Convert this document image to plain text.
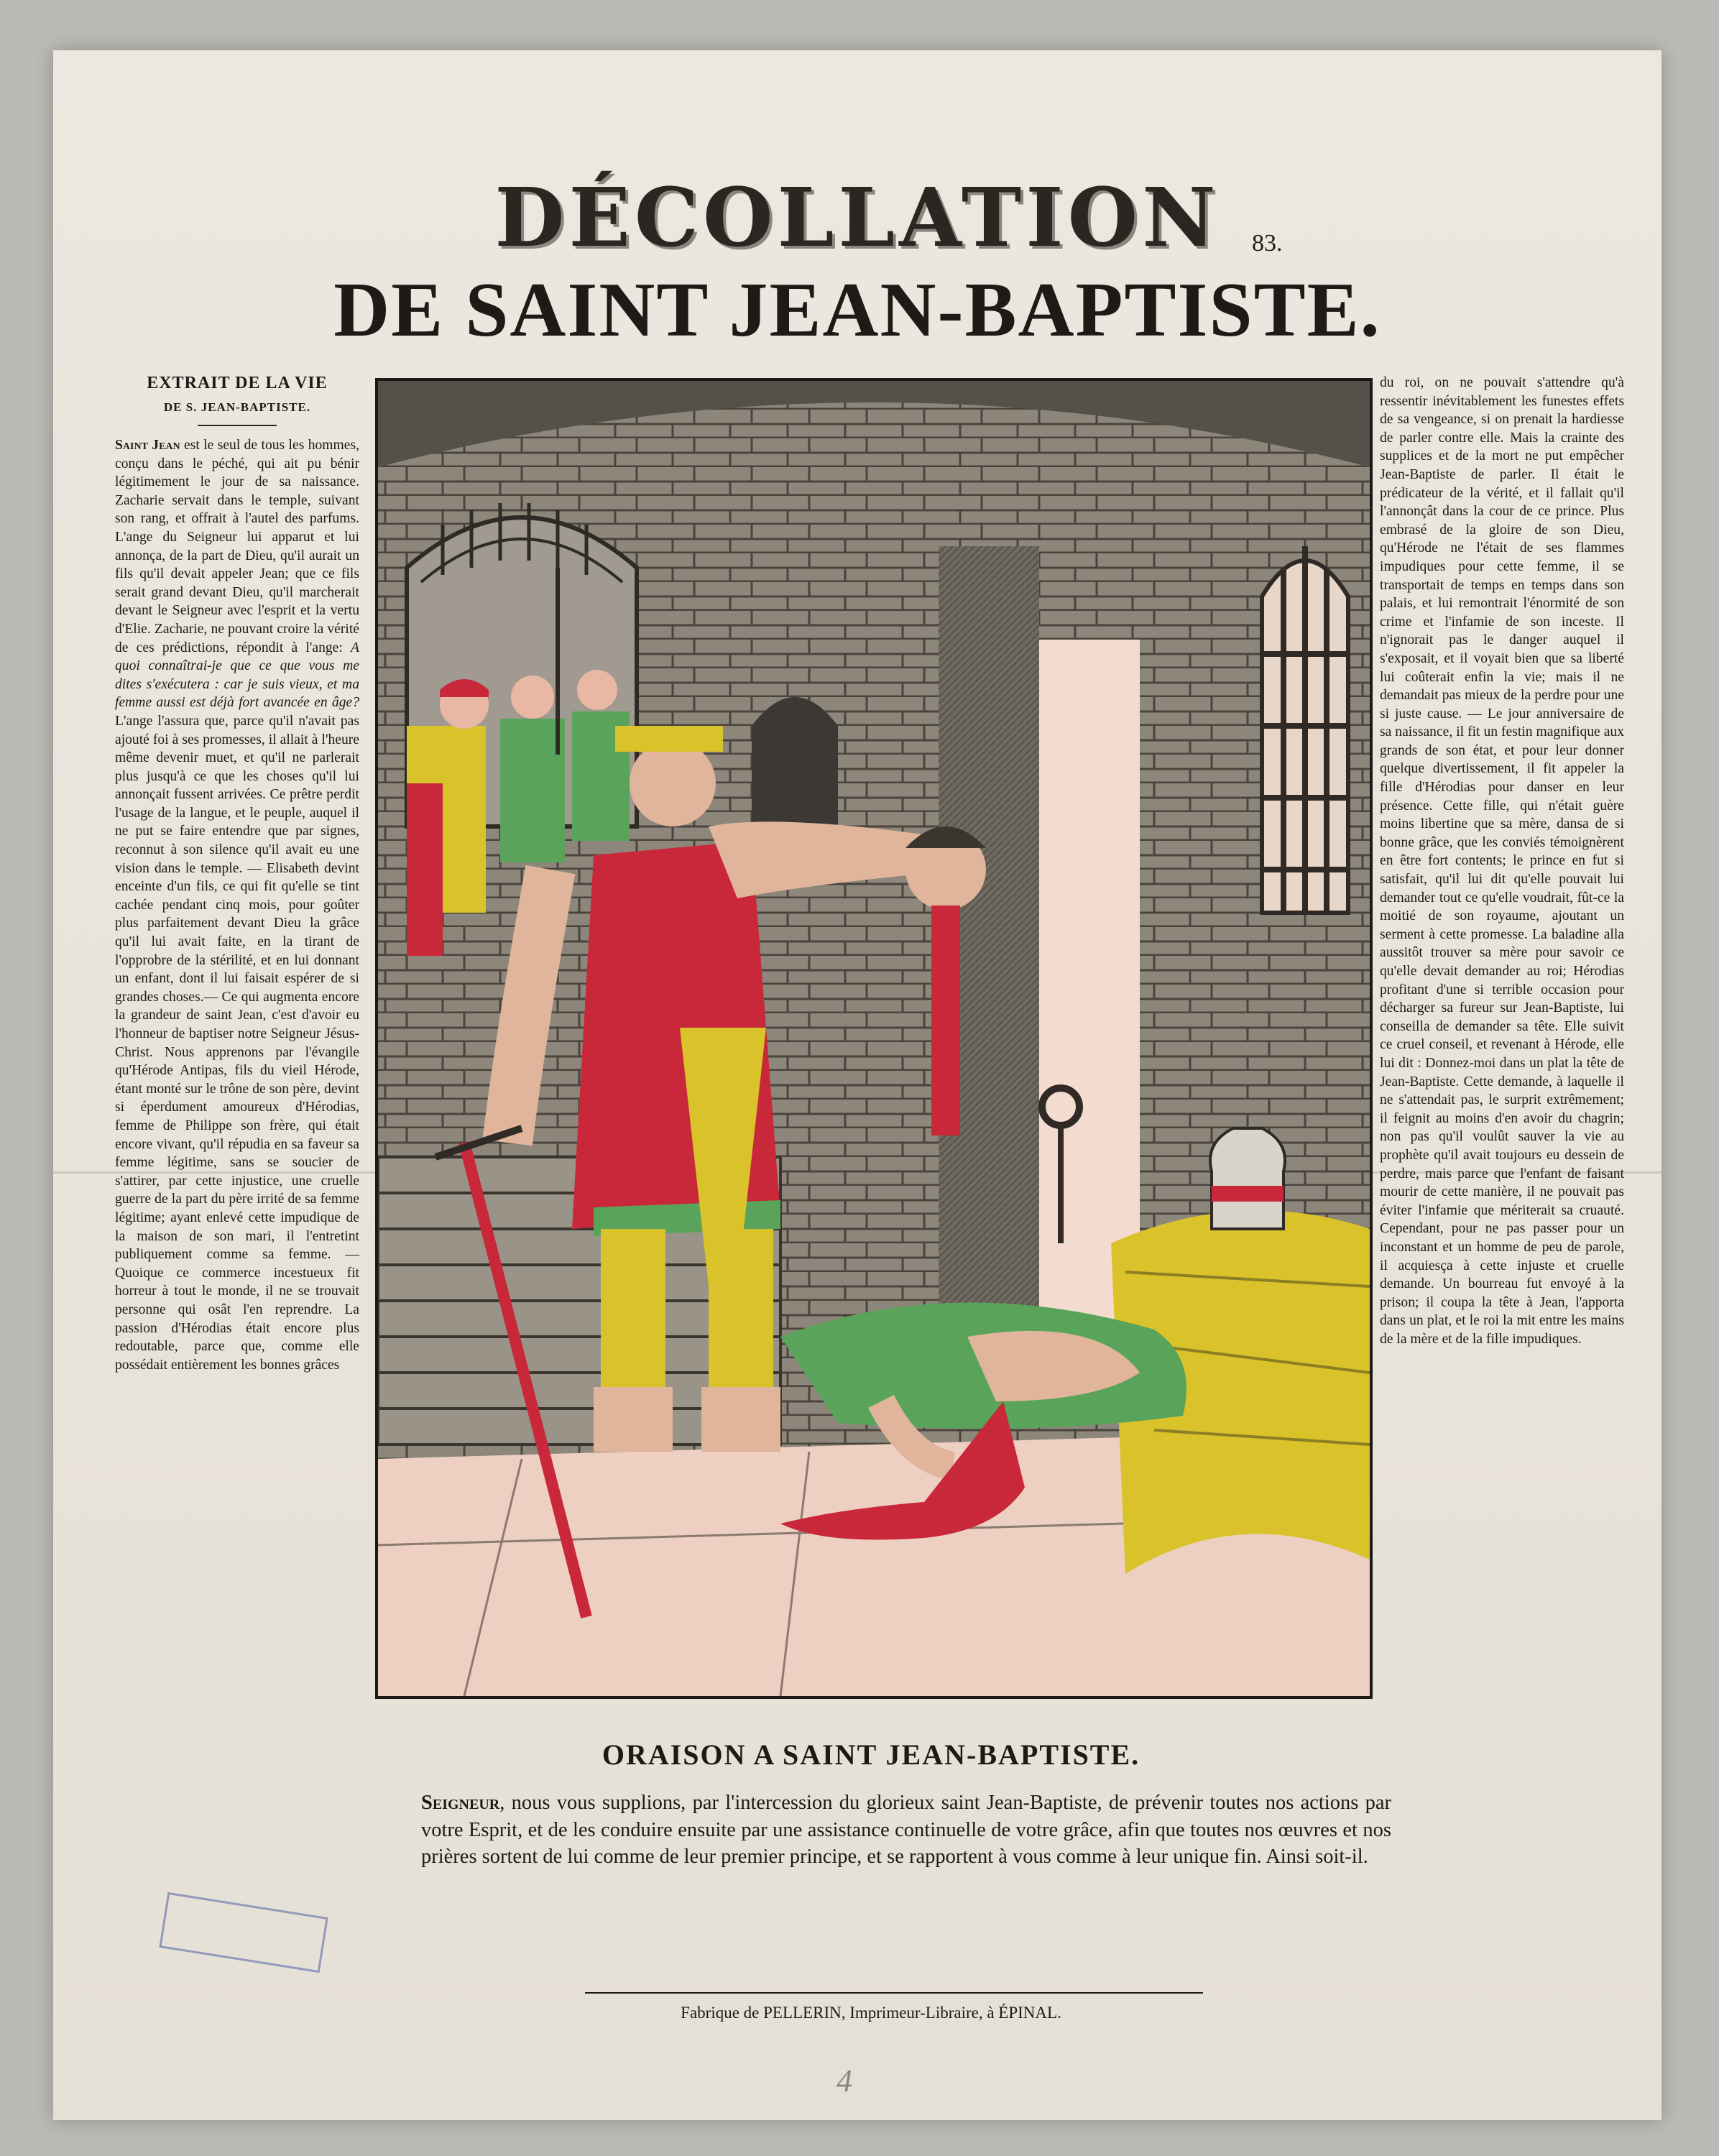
DÉCOLLATION	83.
DE SAINT JEAN-BAPTISTE.
EXTRAIT DE LA VIE
DE S. JEAN-BAPTISTE.
Saint Jean est le seul de tous les hommes, conçu dans le péché, qui ait pu bénir légitimement le jour de sa naissance. Zacharie servait dans le temple, suivant son rang, et offrait à l'autel des parfums. L'ange du Seigneur lui apparut et lui annonça, de la part de Dieu, qu'il aurait un fils qu'il devait appeler Jean; que ce fils serait grand devant Dieu, qu'il marcherait devant le Seigneur avec l'esprit et la vertu d'Elie. Zacharie, ne pouvant croire la vérité de ces prédictions, répondit à l'ange: A quoi connaîtrai-je que ce que vous me dites s'exécutera : car je suis vieux, et ma femme aussi est déjà fort avancée en âge? L'ange l'assura que, parce qu'il n'avait pas ajouté foi à ses promesses, il allait à l'heure même devenir muet, et qu'il ne parlerait plus jusqu'à ce que les choses qu'il lui annonçait fussent arrivées. Ce prêtre perdit l'usage de la langue, et le peuple, auquel il ne put se faire entendre que par signes, reconnut à son silence qu'il avait eu une vision dans le temple. — Elisabeth devint enceinte d'un fils, ce qui fit qu'elle se tint cachée pendant cinq mois, pour goûter plus parfaitement devant Dieu la grâce qu'il lui avait faite, en la tirant de l'opprobre de la stérilité, et en lui donnant un enfant, dont il lui faisait espérer de si grandes choses.— Ce qui augmenta encore la grandeur de saint Jean, c'est d'avoir eu l'honneur de baptiser notre Seigneur Jésus-Christ. Nous apprenons par l'évangile qu'Hérode Antipas, fils du vieil Hérode, étant monté sur le trône de son père, devint si éperdument amoureux d'Hérodias, femme de Philippe son frère, qui était encore vivant, qu'il répudia en sa faveur sa femme légitime, sans se soucier de s'attirer, par cette injustice, une cruelle guerre de la part du père irrité de sa femme légitime; ayant enlevé cette impudique de la maison de son mari, il l'entretint publiquement comme sa femme. — Quoique ce commerce incestueux fit horreur à tout le monde, il ne se trouvait personne qui osât l'en reprendre. La passion d'Hérodias était encore plus redoutable, parce que, comme elle possédait entièrement les bonnes grâces
du roi, on ne pouvait s'attendre qu'à ressentir inévitablement les funestes effets de sa vengeance, si on prenait la hardiesse de parler contre elle. Mais la crainte des supplices et de la mort ne put empêcher Jean-Baptiste de parler. Il était le prédicateur de la vérité, et il fallait qu'il l'annonçât dans la cour de ce prince. Plus embrasé de la gloire de son Dieu, qu'Hérode ne l'était de ses flammes impudiques pour cette femme, il se transportait de temps en temps dans son palais, et lui remontrait l'énormité de son crime et l'infamie de son inceste. Il n'ignorait pas le danger auquel il s'exposait, et il voyait bien que sa liberté lui coûterait enfin la vie; mais il ne demandait pas mieux de la perdre pour une si juste cause. — Le jour anniversaire de sa naissance, il fit un festin magnifique aux grands de son état, et pour leur donner quelque divertissement, il fit appeler la fille d'Hérodias pour danser en leur présence. Cette fille, qui n'était guère moins libertine que sa mère, dansa de si bonne grâce, que les conviés témoignèrent en être fort contents; le prince en fut si satisfait, qu'il lui dit qu'elle pouvait lui demander tout ce qu'elle voudrait, fût-ce la moitié de son royaume, ajoutant un serment à cette promesse. La baladine alla aussitôt trouver sa mère pour savoir ce qu'elle devait demander au roi; Hérodias profitant d'une si terrible occasion pour décharger sa fureur sur Jean-Baptiste, lui conseilla de demander sa tête. Elle suivit ce cruel conseil, et revenant à Hérode, elle lui dit : Donnez-moi dans un plat la tête de Jean-Baptiste. Cette demande, à laquelle il ne s'attendait pas, le surprit extrêmement; il feignit au moins d'en avoir du chagrin; non pas qu'il voulût sauver la vie au prophète qu'il avait toujours eu dessein de perdre, mais parce que l'enfant de faisant mourir de cette manière, il ne pouvait pas éviter l'infamie que mériterait sa cruauté. Cependant, pour ne pas passer pour un inconstant et un homme de peu de parole, il acquiesça à cette injuste et cruelle demande. Un bourreau fut envoyé à la prison; il coupa la tête à Jean, l'apporta dans un plat, et le roi la mit entre les mains de la mère et de la fille impudiques.
ORAISON A SAINT JEAN-BAPTISTE.
Seigneur, nous vous supplions, par l'intercession du glorieux saint Jean-Baptiste, de prévenir toutes nos actions par votre Esprit, et de les conduire ensuite par une assistance continuelle de votre grâce, afin que toutes nos œuvres et nos prières sortent de lui comme de leur premier principe, et se rapportent à vous comme à leur unique fin. Ainsi soit-il.
Fabrique de PELLERIN, Imprimeur-Libraire, à ÉPINAL.
4
